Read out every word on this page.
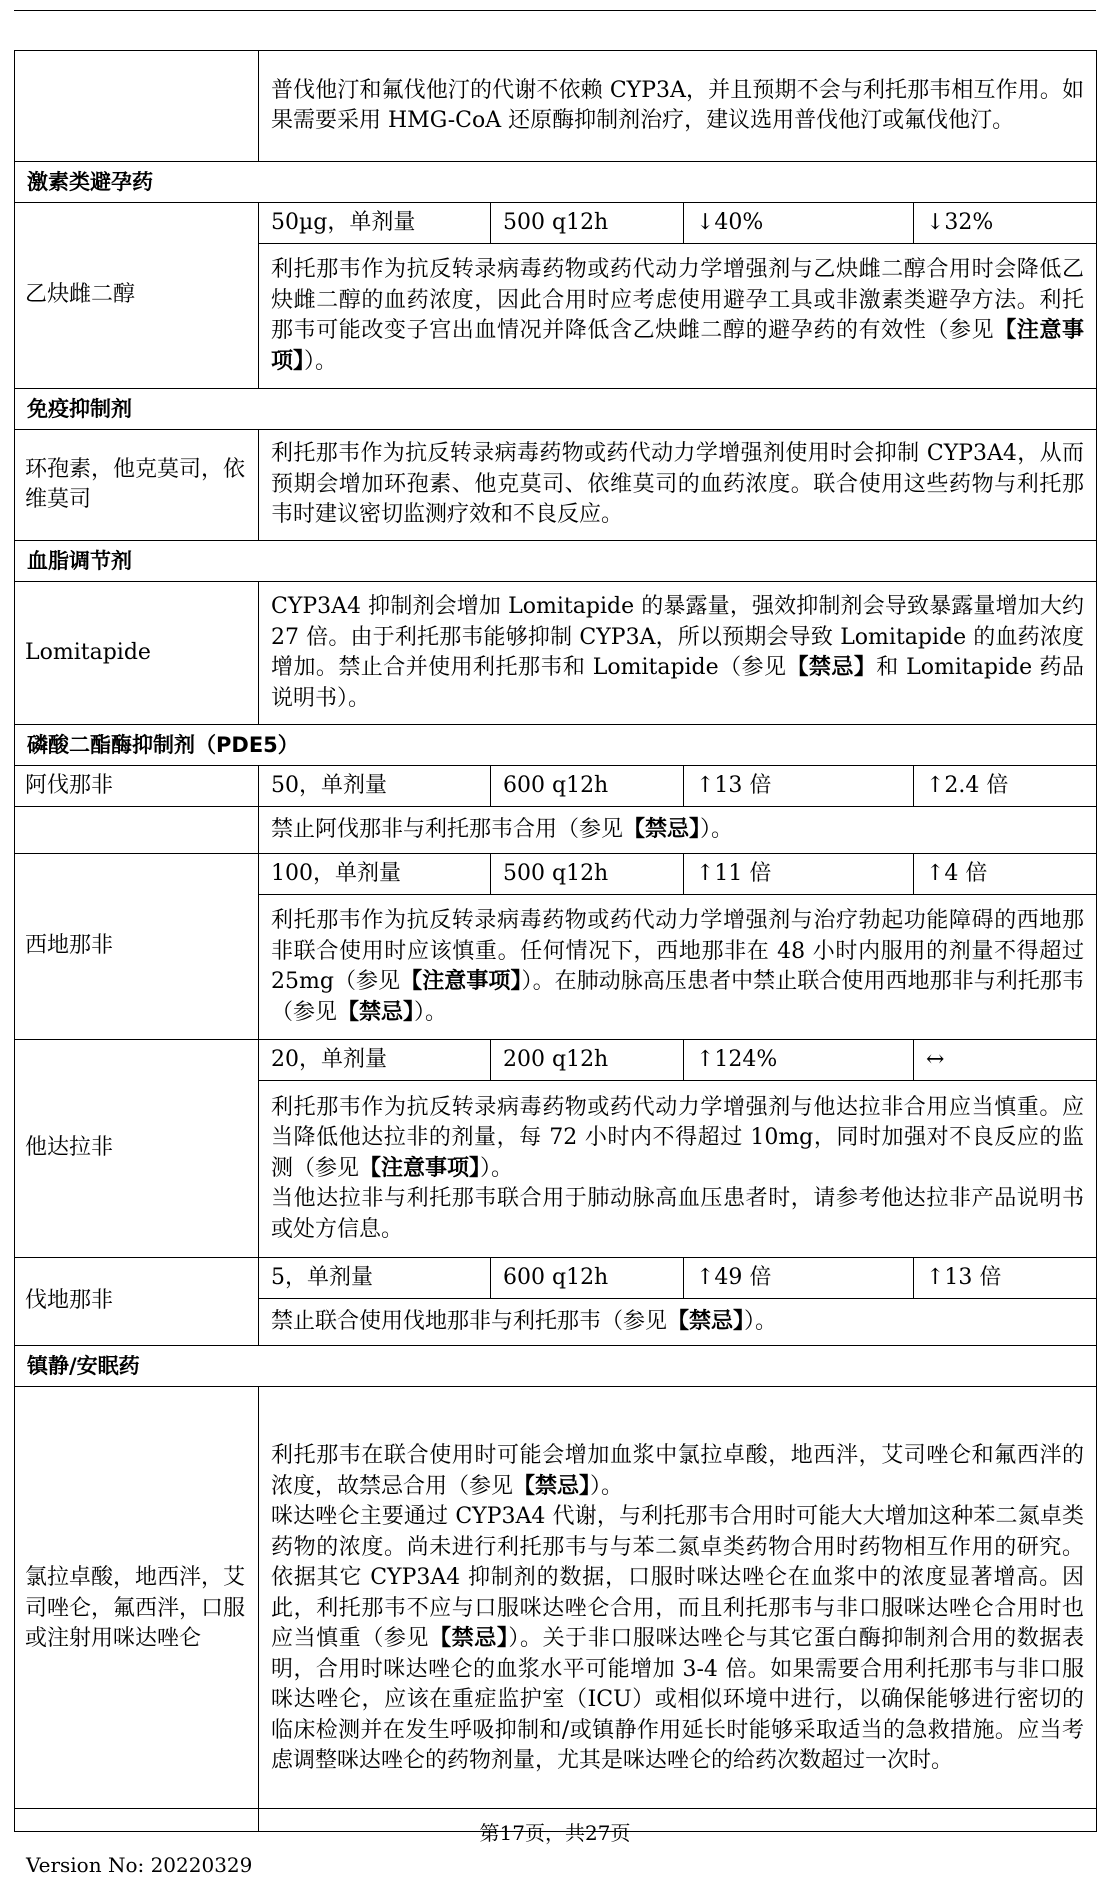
	普伐他汀和氟伐他汀的代谢不依赖 CYP3A，并且预期不会与利托那韦相互作用。如果需要采用 HMG-CoA 还原酶抑制剂治疗，建议选用普伐他汀或氟伐他汀。			
激素类避孕药				
乙炔雌二醇	50µg，单剂量	500 q12h	↓40%	↓32%
	利托那韦作为抗反转录病毒药物或药代动力学增强剂与乙炔雌二醇合用时会降低乙炔雌二醇的血药浓度，因此合用时应考虑使用避孕工具或非激素类避孕方法。利托那韦可能改变子宫出血情况并降低含乙炔雌二醇的避孕药的有效性（参见【注意事项】）。			
免疫抑制剂				
环孢素，他克莫司，依维莫司	利托那韦作为抗反转录病毒药物或药代动力学增强剂使用时会抑制 CYP3A4，从而预期会增加环孢素、他克莫司、依维莫司的血药浓度。联合使用这些药物与利托那韦时建议密切监测疗效和不良反应。			
血脂调节剂				
Lomitapide	CYP3A4 抑制剂会增加 Lomitapide 的暴露量，强效抑制剂会导致暴露量增加大约 27 倍。由于利托那韦能够抑制 CYP3A，所以预期会导致 Lomitapide 的血药浓度增加。禁止合并使用利托那韦和 Lomitapide（参见【禁忌】和 Lomitapide 药品说明书）。			
磷酸二酯酶抑制剂（PDE5）				
阿伐那非	50，单剂量	600 q12h	↑13 倍	↑2.4 倍
	禁止阿伐那非与利托那韦合用（参见【禁忌】）。			
西地那非	100，单剂量	500 q12h	↑11 倍	↑4 倍
	利托那韦作为抗反转录病毒药物或药代动力学增强剂与治疗勃起功能障碍的西地那非联合使用时应该慎重。任何情况下，西地那非在 48 小时内服用的剂量不得超过 25mg（参见【注意事项】）。在肺动脉高压患者中禁止联合使用西地那非与利托那韦（参见【禁忌】）。			
他达拉非	20，单剂量	200 q12h	↑124%	↔
	利托那韦作为抗反转录病毒药物或药代动力学增强剂与他达拉非合用应当慎重。应当降低他达拉非的剂量，每 72 小时内不得超过 10mg，同时加强对不良反应的监测（参见【注意事项】）。
当他达拉非与利托那韦联合用于肺动脉高血压患者时，请参考他达拉非产品说明书或处方信息。			
伐地那非	5，单剂量	600 q12h	↑49 倍	↑13 倍
	禁止联合使用伐地那非与利托那韦（参见【禁忌】）。			
镇静/安眠药				
氯拉卓酸，地西泮，艾司唑仑，氟西泮，口服或注射用咪达唑仑	利托那韦在联合使用时可能会增加血浆中氯拉卓酸，地西泮，艾司唑仑和氟西泮的浓度，故禁忌合用（参见【禁忌】）。
咪达唑仑主要通过 CYP3A4 代谢，与利托那韦合用时可能大大增加这种苯二氮卓类药物的浓度。尚未进行利托那韦与与苯二氮卓类药物合用时药物相互作用的研究。依据其它 CYP3A4 抑制剂的数据，口服时咪达唑仑在血浆中的浓度显著增高。因此，利托那韦不应与口服咪达唑仑合用，而且利托那韦与非口服咪达唑仑合用时也应当慎重（参见【禁忌】）。关于非口服咪达唑仑与其它蛋白酶抑制剂合用的数据表明，合用时咪达唑仑的血浆水平可能增加 3-4 倍。如果需要合用利托那韦与非口服咪达唑仑，应该在重症监护室（ICU）或相似环境中进行，以确保能够进行密切的临床检测并在发生呼吸抑制和/或镇静作用延长时能够采取适当的急救措施。应当考虑调整咪达唑仑的药物剂量，尤其是咪达唑仑的给药次数超过一次时。			
第17页，共27页
Version No: 20220329
